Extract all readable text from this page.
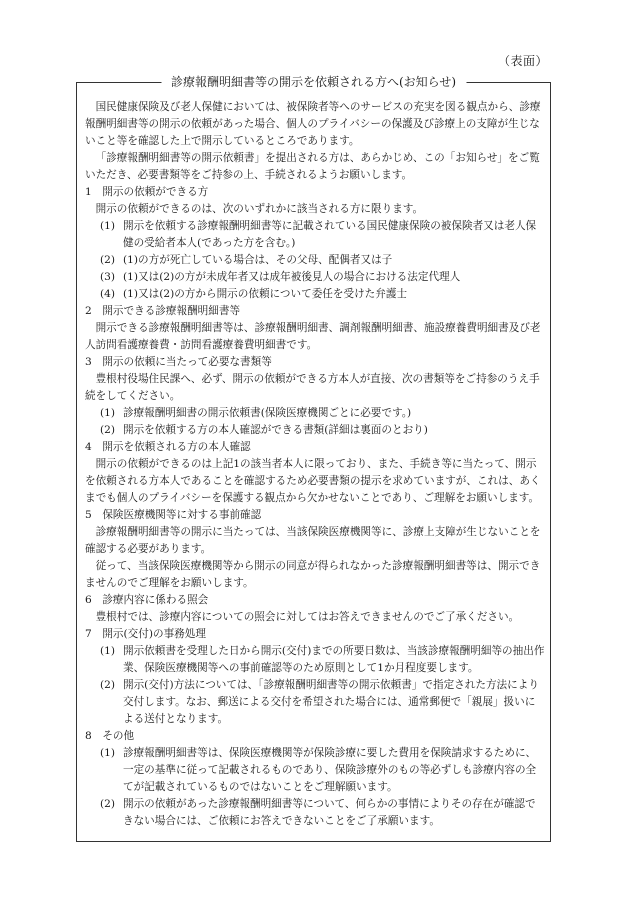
（表面）
診療報酬明細書等の開示を依頼される方へ(お知らせ)

国民健康保険及び老人保健においては、被保険者等へのサービスの充実を図る観点から、診療報酬明細書等の開示の依頼があった場合、個人のプライバシーの保護及び診療上の支障が生じないこと等を確認した上で開示しているところであります。

「診療報酬明細書等の開示依頼書」を提出される方は、あらかじめ、この「お知らせ」をご覧いただき、必要書類等をご持参の上、手続されるようお願いします。

1　開示の依頼ができる方

開示の依頼ができるのは、次のいずれかに該当される方に限ります。

(1) 開示を依頼する診療報酬明細書等に記載されている国民健康保険の被保険者又は老人保健の受給者本人(であった方を含む。)
(2) (1)の方が死亡している場合は、その父母、配偶者又は子
(3) (1)又は(2)の方が未成年者又は成年被後見人の場合における法定代理人
(4) (1)又は(2)の方から開示の依頼について委任を受けた弁護士

2　開示できる診療報酬明細書等

開示できる診療報酬明細書等は、診療報酬明細書、調剤報酬明細書、施設療養費明細書及び老人訪問看護療養費・訪問看護療養費明細書です。

3　開示の依頼に当たって必要な書類等

豊根村役場住民課へ、必ず、開示の依頼ができる方本人が直接、次の書類等をご持参のうえ手続をしてください。

(1) 診療報酬明細書の開示依頼書(保険医療機関ごとに必要です。)
(2) 開示を依頼する方の本人確認ができる書類(詳細は裏面のとおり)

4　開示を依頼される方の本人確認

開示の依頼ができるのは上記1の該当者本人に限っており、また、手続き等に当たって、開示を依頼される方本人であることを確認するため必要書類の提示を求めていますが、これは、あくまでも個人のプライバシーを保護する観点から欠かせないことであり、ご理解をお願いします。

5　保険医療機関等に対する事前確認

診療報酬明細書等の開示に当たっては、当該保険医療機関等に、診療上支障が生じないことを確認する必要があります。

従って、当該保険医療機関等から開示の同意が得られなかった診療報酬明細書等は、開示できませんのでご理解をお願いします。

6　診療内容に係わる照会

豊根村では、診療内容についての照会に対してはお答えできませんのでご了承ください。

7　開示(交付)の事務処理

(1) 開示依頼書を受理した日から開示(交付)までの所要日数は、当該診療報酬明細等の抽出作業、保険医療機関等への事前確認等のため原則として1か月程度要します。
(2) 開示(交付)方法については、「診療報酬明細書等の開示依頼書」で指定された方法により交付します。なお、郵送による交付を希望された場合には、通常郵便で「親展」扱いによる送付となります。

8　その他

(1) 診療報酬明細書等は、保険医療機関等が保険診療に要した費用を保険請求するために、一定の基準に従って記載されるものであり、保険診療外のもの等必ずしも診療内容の全てが記載されているものではないことをご理解願います。
(2) 開示の依頼があった診療報酬明細書等について、何らかの事情によりその存在が確認できない場合には、ご依頼にお答えできないことをご了承願います。
